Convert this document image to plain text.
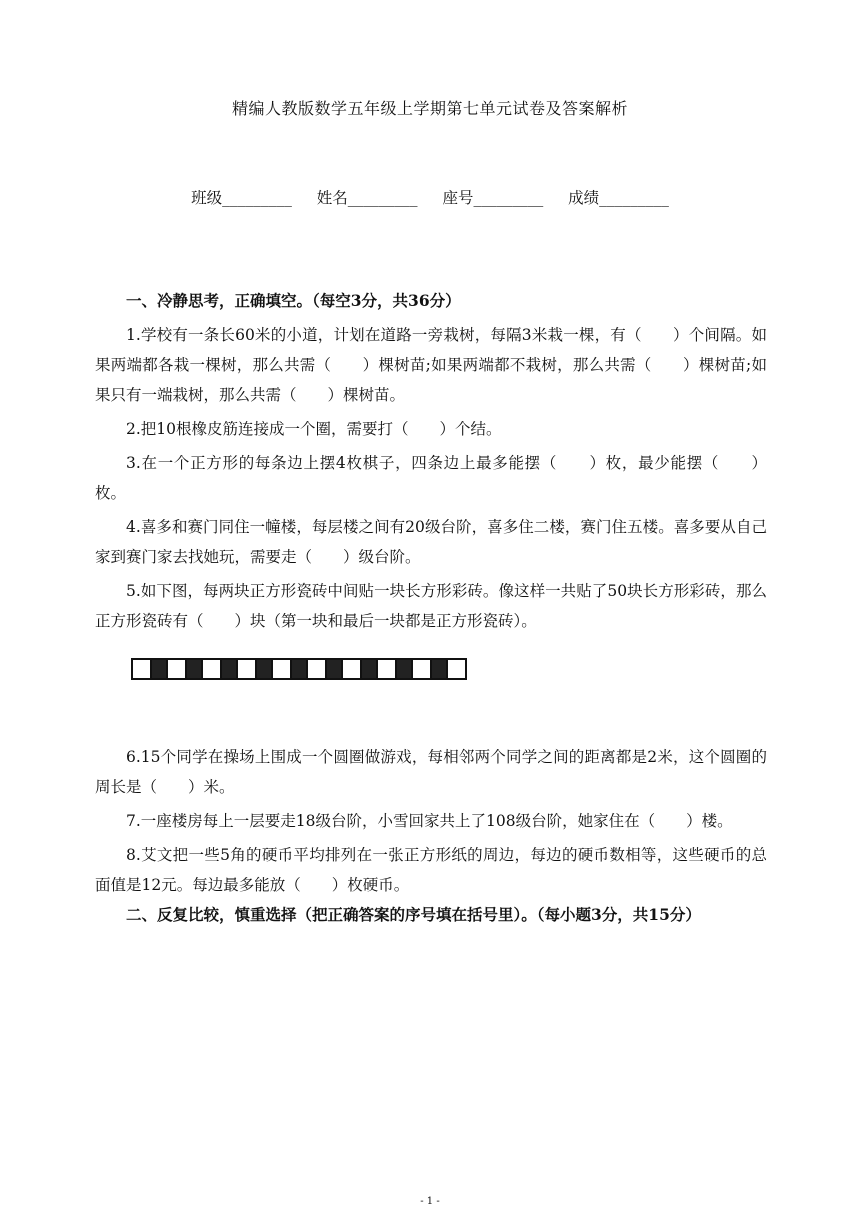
精编人教版数学五年级上学期第七单元试卷及答案解析
班级_________ 姓名_________ 座号_________ 成绩_________

一、冷静思考，正确填空。（每空3分，共36分）

1.学校有一条长60米的小道，计划在道路一旁栽树，每隔3米栽一棵，有（　　）个间隔。如果两端都各栽一棵树，那么共需（　　）棵树苗;如果两端都不栽树，那么共需（　　）棵树苗;如果只有一端栽树，那么共需（　　）棵树苗。

2.把10根橡皮筋连接成一个圈，需要打（　　）个结。

3.在一个正方形的每条边上摆4枚棋子，四条边上最多能摆（　　）枚，最少能摆（　　）枚。

4.喜多和赛门同住一幢楼，每层楼之间有20级台阶，喜多住二楼，赛门住五楼。喜多要从自己家到赛门家去找她玩，需要走（　　）级台阶。

5.如下图，每两块正方形瓷砖中间贴一块长方形彩砖。像这样一共贴了50块长方形彩砖，那么正方形瓷砖有（　　）块（第一块和最后一块都是正方形瓷砖）。

6.15个同学在操场上围成一个圆圈做游戏，每相邻两个同学之间的距离都是2米，这个圆圈的周长是（　　）米。

7.一座楼房每上一层要走18级台阶，小雪回家共上了108级台阶，她家住在（　　）楼。

8.艾文把一些5角的硬币平均排列在一张正方形纸的周边，每边的硬币数相等，这些硬币的总面值是12元。每边最多能放（　　）枚硬币。

二、反复比较，慎重选择（把正确答案的序号填在括号里）。（每小题3分，共15分）

- 1 -
